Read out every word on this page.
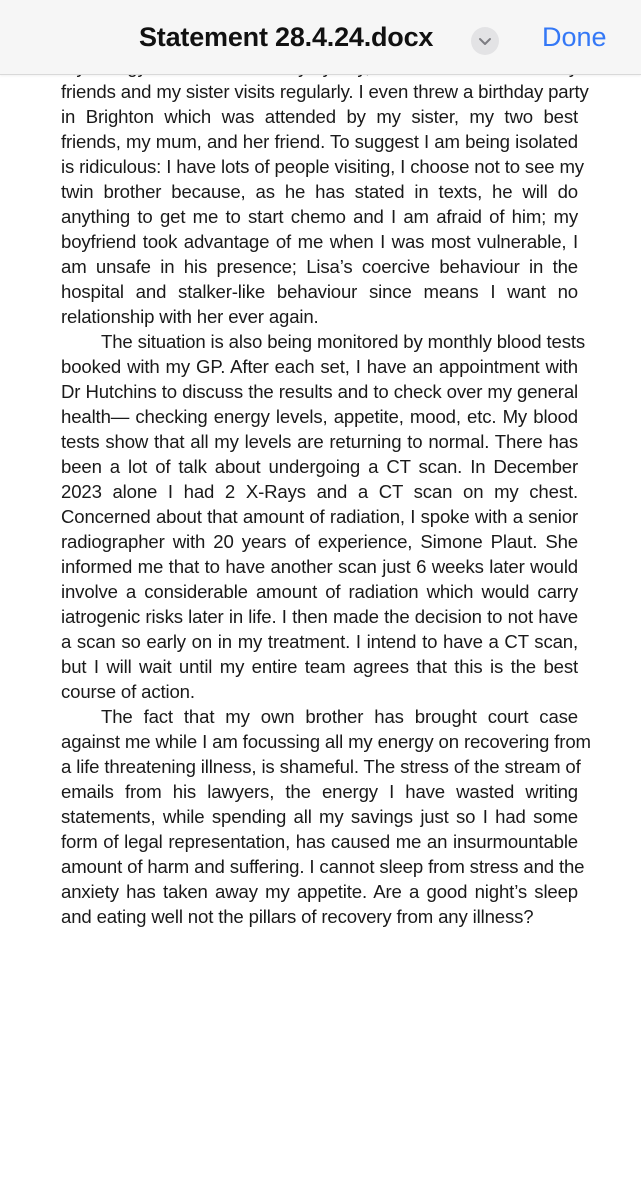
friends and my sister visits regularly. I even threw a birthday party
in Brighton which was attended by my sister, my two best
friends, my mum, and her friend. To suggest I am being isolated
is ridiculous: I have lots of people visiting, I choose not to see my
twin brother because, as he has stated in texts, he will do
anything to get me to start chemo and I am afraid of him; my
boyfriend took advantage of me when I was most vulnerable, I
am unsafe in his presence; Lisa’s coercive behaviour in the
hospital and stalker-like behaviour since means I want no
relationship with her ever again.
The situation is also being monitored by monthly blood tests
booked with my GP. After each set, I have an appointment with
Dr Hutchins to discuss the results and to check over my general
health— checking energy levels, appetite, mood, etc. My blood
tests show that all my levels are returning to normal. There has
been a lot of talk about undergoing a CT scan. In December
2023 alone I had 2 X-Rays and a CT scan on my chest.
Concerned about that amount of radiation, I spoke with a senior
radiographer with 20 years of experience, Simone Plaut. She
informed me that to have another scan just 6 weeks later would
involve a considerable amount of radiation which would carry
iatrogenic risks later in life. I then made the decision to not have
a scan so early on in my treatment. I intend to have a CT scan,
but I will wait until my entire team agrees that this is the best
course of action.
The fact that my own brother has brought court case
against me while I am focussing all my energy on recovering from
a life threatening illness, is shameful. The stress of the stream of
emails from his lawyers, the energy I have wasted writing
statements, while spending all my savings just so I had some
form of legal representation, has caused me an insurmountable
amount of harm and suffering. I cannot sleep from stress and the
anxiety has taken away my appetite. Are a good night’s sleep
and eating well not the pillars of recovery from any illness?
Statement 28.4.24.docx	Done
